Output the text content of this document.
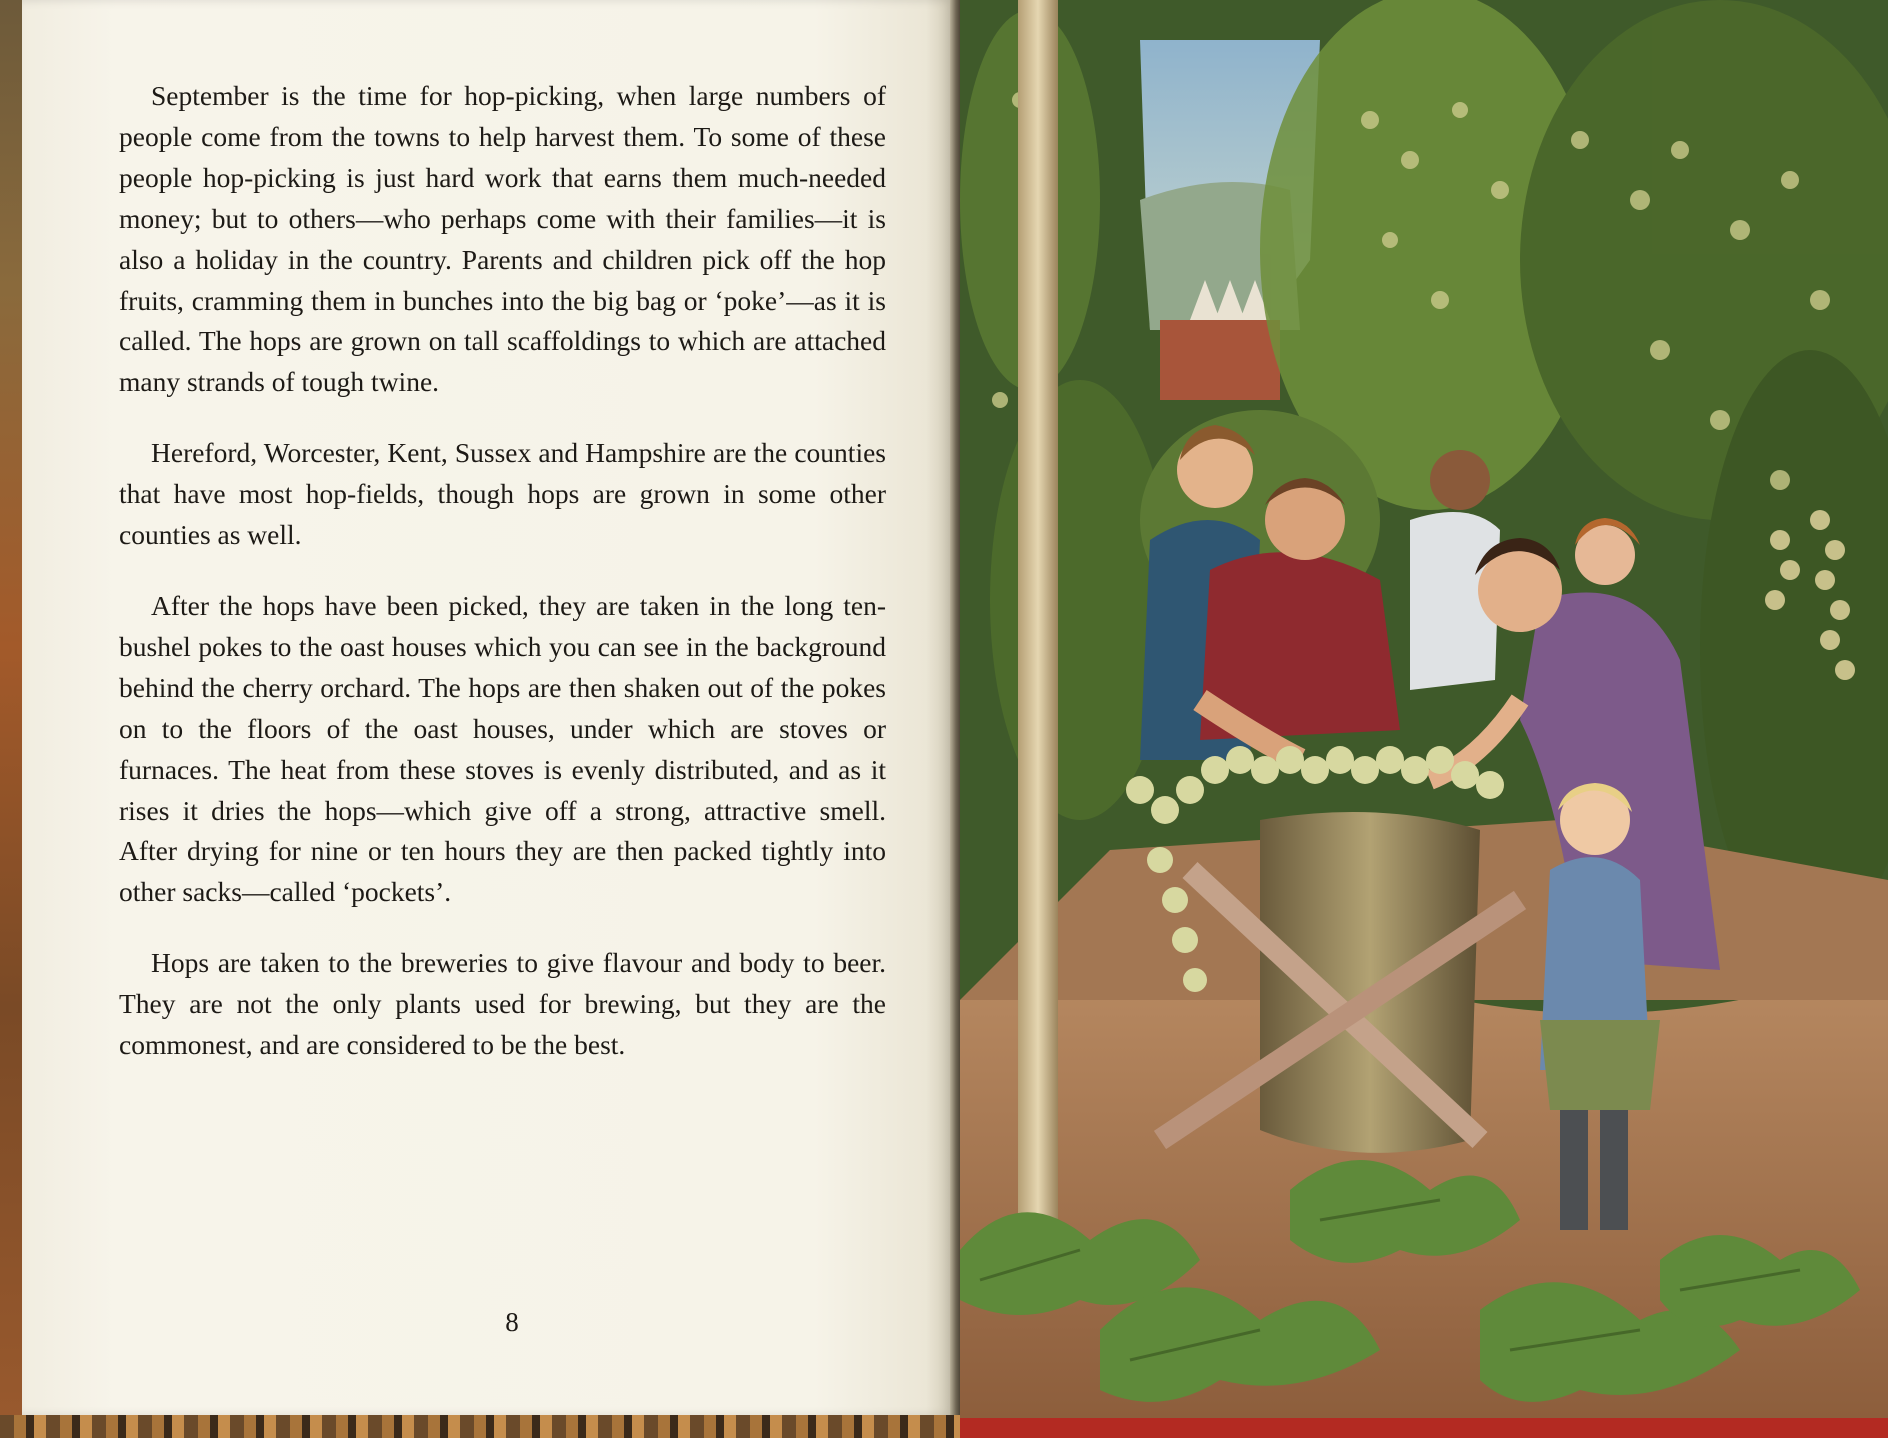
September is the time for hop-picking, when large numbers of people come from the towns to help harvest them. To some of these people hop-picking is just hard work that earns them much-needed money; but to others—who perhaps come with their families—it is also a holiday in the country. Parents and children pick off the hop fruits, cramming them in bunches into the big bag or ‘poke’—as it is called. The hops are grown on tall scaffoldings to which are attached many strands of tough twine.

Hereford, Worcester, Kent, Sussex and Hampshire are the counties that have most hop-fields, though hops are grown in some other counties as well.

After the hops have been picked, they are taken in the long ten-bushel pokes to the oast houses which you can see in the background behind the cherry orchard. The hops are then shaken out of the pokes on to the floors of the oast houses, under which are stoves or furnaces. The heat from these stoves is evenly distributed, and as it rises it dries the hops—which give off a strong, attractive smell. After drying for nine or ten hours they are then packed tightly into other sacks—called ‘pockets’.

Hops are taken to the breweries to give flavour and body to beer. They are not the only plants used for brewing, but they are the commonest, and are considered to be the best.

8
